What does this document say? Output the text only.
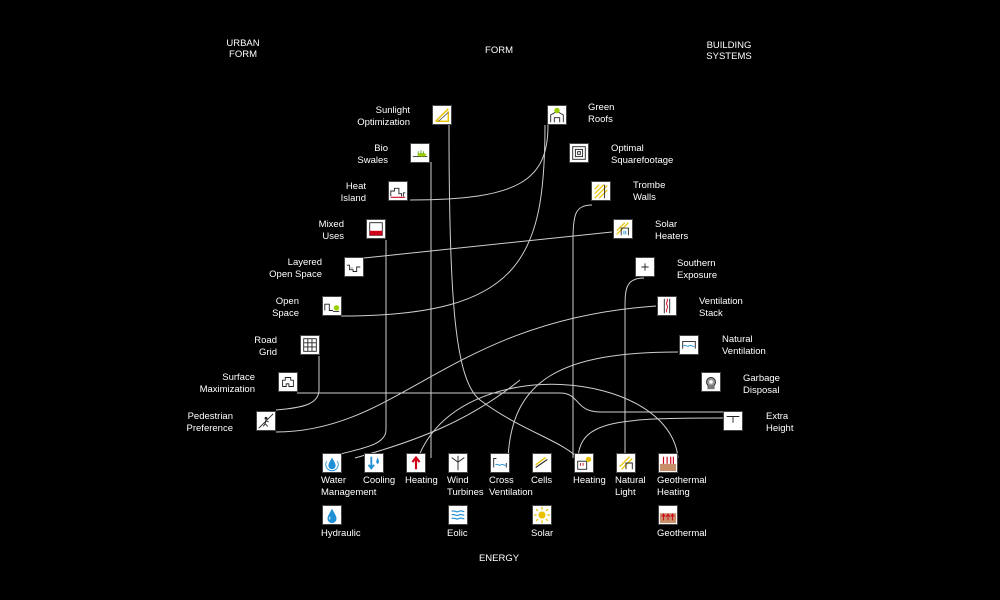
URBAN
FORM	FORM	BUILDING
SYSTEMS
ENERGY
Sunlight
Optimization
Bio
Swales
Heat
Island
Mixed
Uses
Layered
Open Space
Open
Space
Road
Grid
Surface
Maximization
Pedestrian
Preference
Green
Roofs
Optimal
Squarefootage
Trombe
Walls
Solar
Heaters
Southern
Exposure
Ventilation
Stack
Natural
Ventilation
Garbage
Disposal
Extra
Height
Water
Management
Cooling Heating Wind
Turbines
Cross
Ventilation
Cells Heating Natural
Light
Geothermal
Heating
Hydraulic	Eolic	Solar	Geothermal
